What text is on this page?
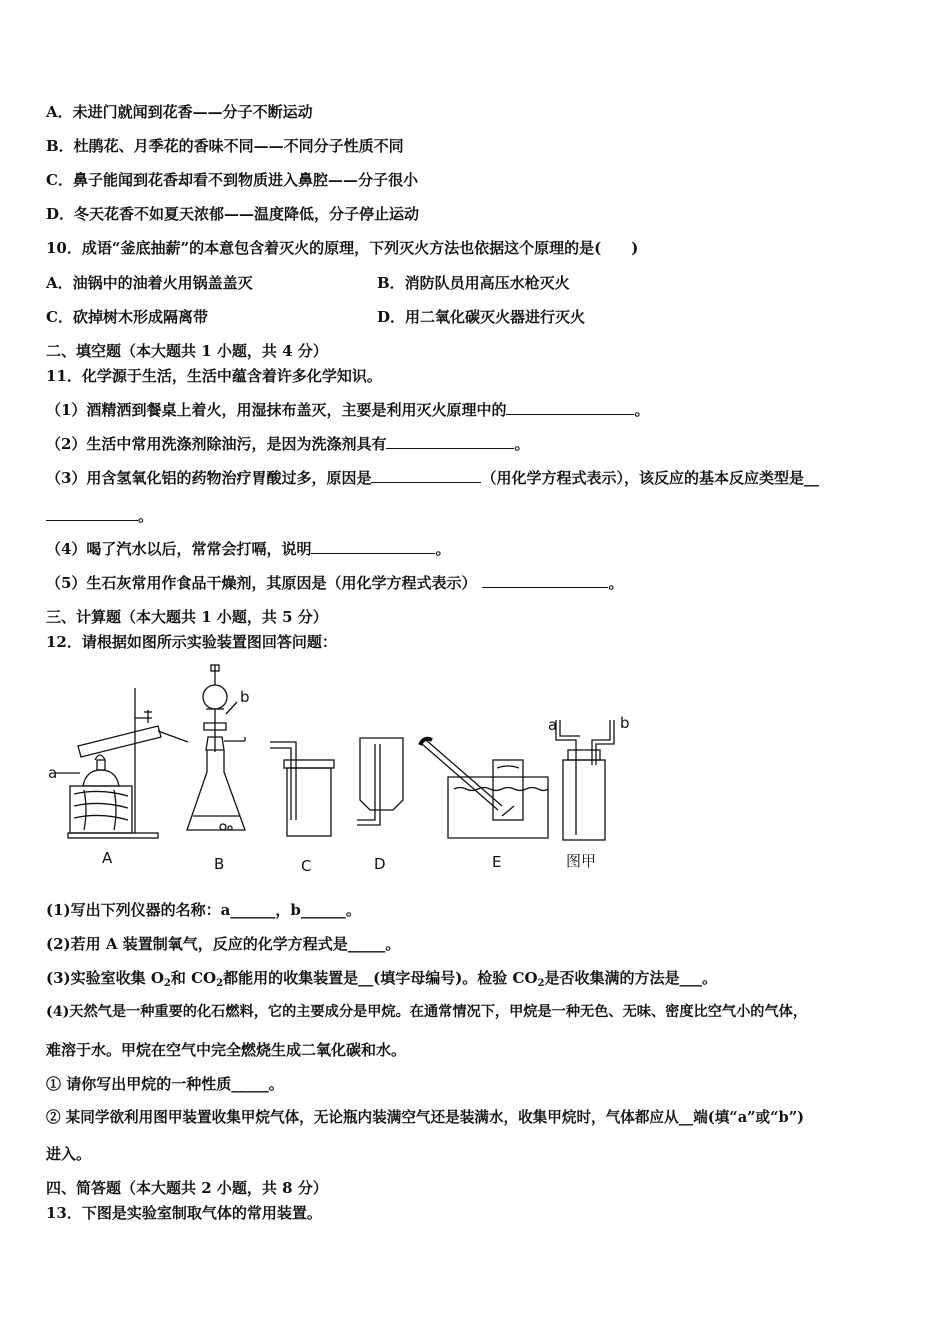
A．未进门就闻到花香——分子不断运动
B．杜鹃花、月季花的香味不同——不同分子性质不同
C．鼻子能闻到花香却看不到物质进入鼻腔——分子很小
D．冬天花香不如夏天浓郁——温度降低，分子停止运动
10．成语“釜底抽薪”的本意包含着灭火的原理，下列灭火方法也依据这个原理的是(　　)
A．油锅中的油着火用锅盖盖灭	B．消防队员用高压水枪灭火
C．砍掉树木形成隔离带	D．用二氧化碳灭火器进行灭火
二、填空题（本大题共 1 小题，共 4 分）
11．化学源于生活，生活中蕴含着许多化学知识。
（1）酒精洒到餐桌上着火，用湿抹布盖灭，主要是利用灭火原理中的	。
（2）生活中常用洗涤剂除油污，是因为洗涤剂具有	。
（3）用含氢氧化铝的药物治疗胃酸过多，原因是	（用化学方程式表示），该反应的基本反应类型是__
。
（4）喝了汽水以后，常常会打嗝，说明	。
（5）生石灰常用作食品干燥剂，其原因是（用化学方程式表示）	。
三、计算题（本大题共 1 小题，共 5 分）
12．请根据如图所示实验装置图回答问题：
A	B	C	D	E	图甲
a
b
a	b
(1)写出下列仪器的名称：a______，b______。
(2)若用 A 装置制氧气，反应的化学方程式是_____。
(3)实验室收集 $O_2$和 $CO_2$都能用的收集装置是__(填字母编号)。检验 $CO_2$是否收集满的方法是___。
(4)天然气是一种重要的化石燃料，它的主要成分是甲烷。在通常情况下，甲烷是一种无色、无味、密度比空气小的气体，
难溶于水。甲烷在空气中完全燃烧生成二氧化碳和水。
① 请你写出甲烷的一种性质_____。
② 某同学欲利用图甲装置收集甲烷气体，无论瓶内装满空气还是装满水，收集甲烷时，气体都应从__端(填“a”或“b”)
进入。
四、简答题（本大题共 2 小题，共 8 分）
13．下图是实验室制取气体的常用装置。
